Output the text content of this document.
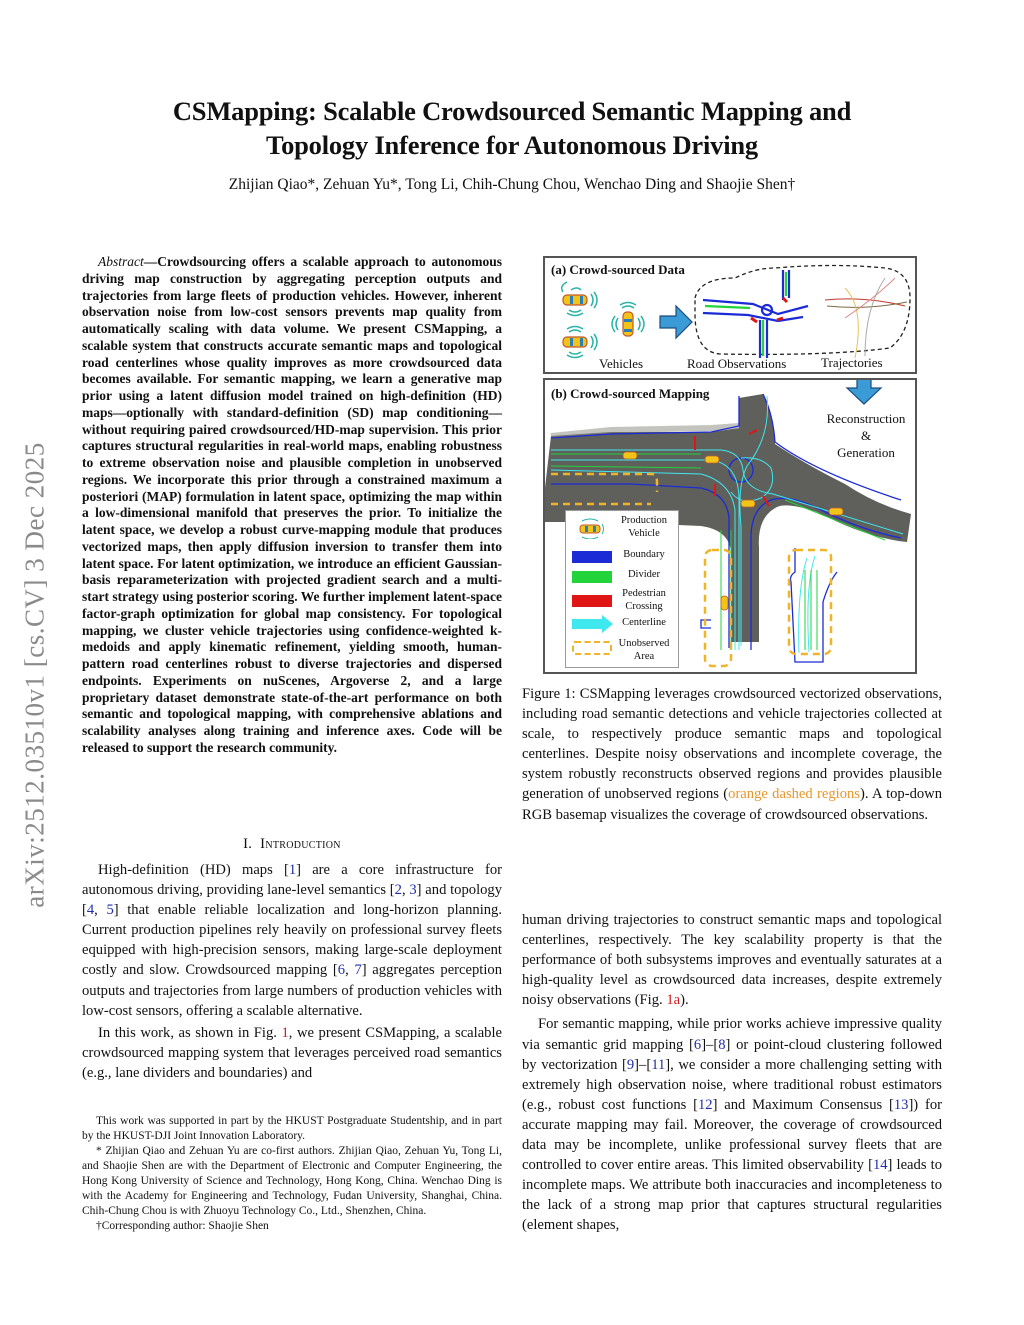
CSMapping: Scalable Crowdsourced Semantic Mapping and
Topology Inference for Autonomous Driving
Zhijian Qiao*, Zehuan Yu*, Tong Li, Chih-Chung Chou, Wenchao Ding and Shaojie Shen†
arXiv:2512.03510v1 [cs.CV] 3 Dec 2025
Abstract—Crowdsourcing offers a scalable approach to autonomous driving map construction by aggregating perception outputs and trajectories from large fleets of production vehicles. However, inherent observation noise from low-cost sensors prevents map quality from automatically scaling with data volume. We present CSMapping, a scalable system that constructs accurate semantic maps and topological road centerlines whose quality improves as more crowdsourced data becomes available. For semantic mapping, we learn a generative map prior using a latent diffusion model trained on high-definition (HD) maps—optionally with standard-definition (SD) map conditioning—without requiring paired crowdsourced/HD-map supervision. This prior captures structural regularities in real-world maps, enabling robustness to extreme observation noise and plausible completion in unobserved regions. We incorporate this prior through a constrained maximum a posteriori (MAP) formulation in latent space, optimizing the map within a low-dimensional manifold that preserves the prior. To initialize the latent space, we develop a robust curve-mapping module that produces vectorized maps, then apply diffusion inversion to transfer them into latent space. For latent optimization, we introduce an efficient Gaussian-basis reparameterization with projected gradient search and a multi-start strategy using posterior scoring. We further implement latent-space factor-graph optimization for global map consistency. For topological mapping, we cluster vehicle trajectories using confidence-weighted k-medoids and apply kinematic refinement, yielding smooth, human-pattern road centerlines robust to diverse trajectories and dispersed endpoints. Experiments on nuScenes, Argoverse 2, and a large proprietary dataset demonstrate state-of-the-art performance on both semantic and topological mapping, with comprehensive ablations and scalability analyses along training and inference axes. Code will be released to support the research community.
I. Introduction

High-definition (HD) maps [1] are a core infrastructure for autonomous driving, providing lane-level semantics [2, 3] and topology [4, 5] that enable reliable localization and long-horizon planning. Current production pipelines rely heavily on professional survey fleets equipped with high-precision sensors, making large-scale deployment costly and slow. Crowdsourced mapping [6, 7] aggregates perception outputs and trajectories from large numbers of production vehicles with low-cost sensors, offering a scalable alternative.

In this work, as shown in Fig. 1, we present CSMapping, a scalable crowdsourced mapping system that leverages perceived road semantics (e.g., lane dividers and boundaries) and

This work was supported in part by the HKUST Postgraduate Studentship, and in part by the HKUST-DJI Joint Innovation Laboratory.

* Zhijian Qiao and Zehuan Yu are co-first authors. Zhijian Qiao, Zehuan Yu, Tong Li, and Shaojie Shen are with the Department of Electronic and Computer Engineering, the Hong Kong University of Science and Technology, Hong Kong, China. Wenchao Ding is with the Academy for Engineering and Technology, Fudan University, Shanghai, China. Chih-Chung Chou is with Zhuoyu Technology Co., Ltd., Shenzhen, China.

†Corresponding author: Shaojie Shen

(a) Crowd-sourced Data
Vehicles	Road Observations	Trajectories
(b) Crowd-sourced Mapping
Reconstruction
&
Generation
Production Vehicle
Boundary
Divider
Pedestrian Crossing
Centerline
Unobserved Area
Figure 1: CSMapping leverages crowdsourced vectorized observations, including road semantic detections and vehicle trajectories collected at scale, to respectively produce semantic maps and topological centerlines. Despite noisy observations and incomplete coverage, the system robustly reconstructs observed regions and provides plausible generation of unobserved regions (orange dashed regions). A top-down RGB basemap visualizes the coverage of crowdsourced observations.

human driving trajectories to construct semantic maps and topological centerlines, respectively. The key scalability property is that the performance of both subsystems improves and eventually saturates at a high-quality level as crowdsourced data increases, despite extremely noisy observations (Fig. 1a).

For semantic mapping, while prior works achieve impressive quality via semantic grid mapping [6]–[8] or point-cloud clustering followed by vectorization [9]–[11], we consider a more challenging setting with extremely high observation noise, where traditional robust estimators (e.g., robust cost functions [12] and Maximum Consensus [13]) for accurate mapping may fail. Moreover, the coverage of crowdsourced data may be incomplete, unlike professional survey fleets that are controlled to cover entire areas. This limited observability [14] leads to incomplete maps. We attribute both inaccuracies and incompleteness to the lack of a strong map prior that captures structural regularities (element shapes,
